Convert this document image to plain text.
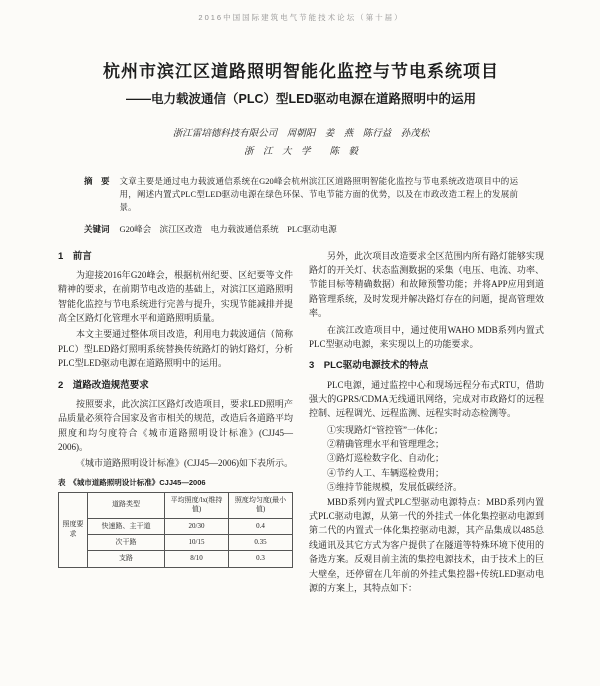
2016中国国际建筑电气节能技术论坛（第十届）
杭州市滨江区道路照明智能化监控与节电系统项目
——电力载波通信（PLC）型LED驱动电源在道路照明中的运用
浙江雷培德科技有限公司　周朝阳　姜　燕　陈行益　孙茂松
浙　江　大　学　　陈　毅
摘　要 文章主要是通过电力载波通信系统在G20峰会杭州滨江区道路照明智能化监控与节电系统改造项目中的运用，阐述内置式PLC型LED驱动电源在绿色环保、节电节能方面的优势，以及在市政改造工程上的发展前景。
关键词 G20峰会　滨江区改造　电力载波通信系统　PLC驱动电源
1　前言

为迎接2016年G20峰会，根据杭州纪要、区纪要等文件精神的要求，在前期节电改造的基础上，对滨江区道路照明智能化监控与节电系统进行完善与提升，实现节能减排并提高全区路灯化管理水平和道路照明质量。

本文主要通过整体项目改造，利用电力载波通信（简称PLC）型LED路灯照明系统替换传统路灯的钠灯路灯，分析PLC型LED驱动电源在道路照明中的运用。

2　道路改造规范要求

按照要求，此次滨江区路灯改造项目，要求LED照明产品质量必须符合国家及省市相关的规范，改造后各道路平均照度和均匀度符合《城市道路照明设计标准》(CJJ45—2006)。

《城市道路照明设计标准》(CJJ45—2006)如下表所示。

表　《城市道路照明设计标准》CJJ45—2006
照度要求	道路类型	平均照度/lx(维持值)	照度均匀度(最小值)
	快速路、主干道	20/30	0.4
	次干路	10/15	0.35
	支路	8/10	0.3

另外，此次项目改造要求全区范围内所有路灯能够实现路灯的开关灯、状态监测数据的采集（电压、电流、功率、节能目标等精确数据）和故障预警功能；并将APP应用到道路管理系统，及时发现并解决路灯存在的问题，提高管理效率。

在滨江改造项目中，通过使用WAHO MDB系列内置式PLC型驱动电源，来实现以上的功能要求。

3　PLC驱动电源技术的特点

PLC电源，通过监控中心和现场远程分布式RTU，借助强大的GPRS/CDMA无线通讯网络，完成对市政路灯的远程控制、远程调光、远程监测、远程实时动态检测等。

①实现路灯“管控管”一体化；
②精确管理水平和管理理念；
③路灯巡检数字化、自动化；
④节约人工、车辆巡检费用；
⑤维持节能规模，发展低碳经济。

MBD系列内置式PLC型驱动电源特点：MBD系列内置式PLC驱动电源，从第一代的外挂式一体化集控驱动电源到第二代的内置式一体化集控驱动电源，其产品集成以485总线通讯及其它方式为客户提供了在隧道等特殊环境下使用的备选方案。反观目前主流的集控电源技术，由于技术上的巨大壁垒，还停留在几年前的外挂式集控器+传统LED驱动电源的方案上，其特点如下：
